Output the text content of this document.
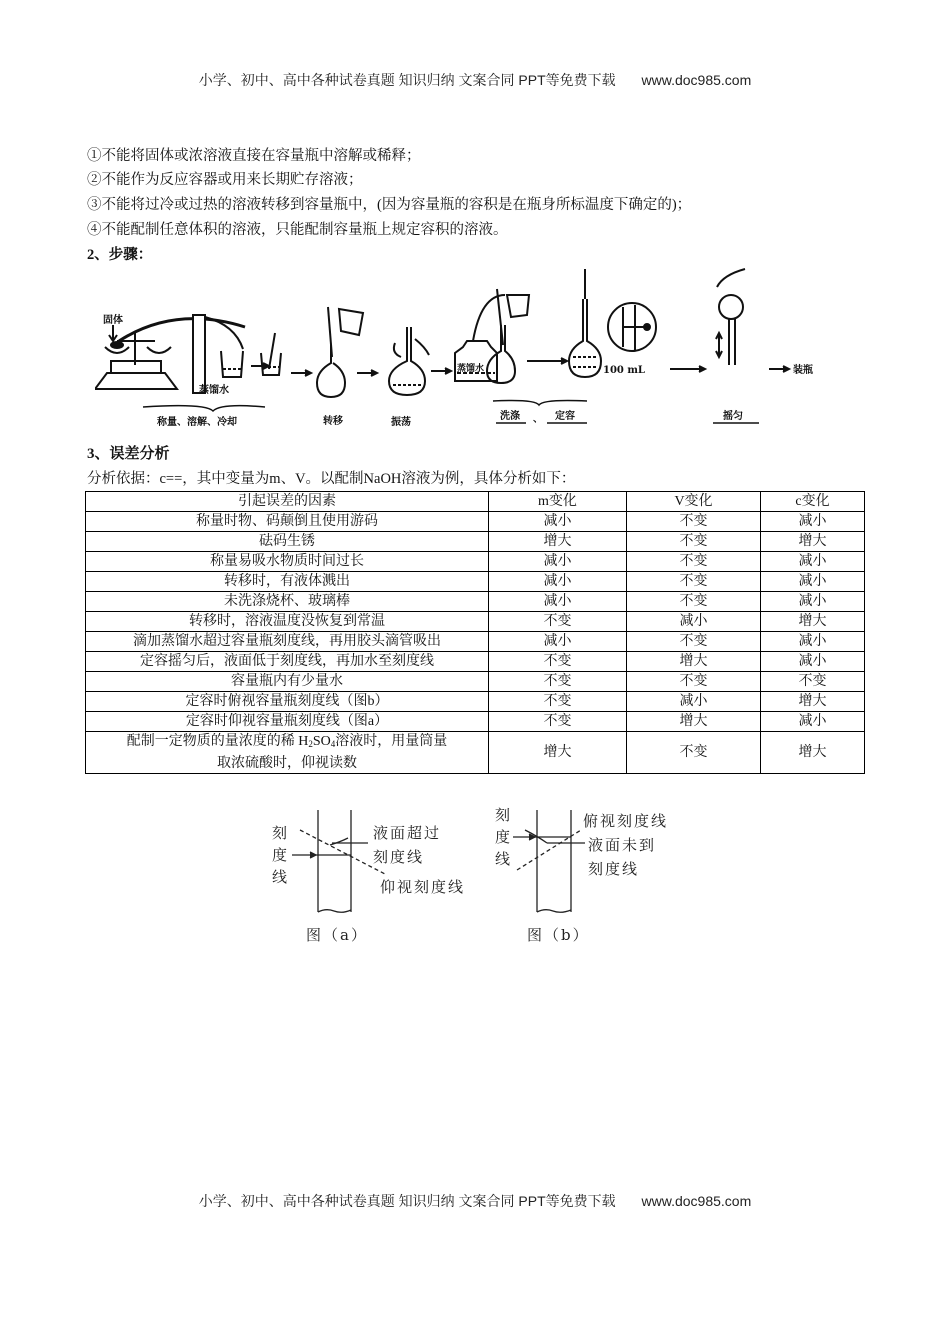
小学、初中、高中各种试卷真题 知识归纳 文案合同 PPT等免费下载 www.doc985.com
①不能将固体或浓溶液直接在容量瓶中溶解或稀释；
②不能作为反应容器或用来长期贮存溶液；
③不能将过冷或过热的溶液转移到容量瓶中，(因为容量瓶的容积是在瓶身所标温度下确定的)；
④不能配制任意体积的溶液，只能配制容量瓶上规定容积的溶液。
2、步骤：
固体
蒸馏水
称量、溶解、冷却	转移	振荡
蒸馏水
洗涤 、 定容
100 mL
摇匀
装瓶
3、误差分析
分析依据：c==，其中变量为m、V。以配制NaOH溶液为例，具体分析如下：
引起误差的因素	m变化	V变化	c变化
称量时物、码颠倒且使用游码	减小	不变	减小
砝码生锈	增大	不变	增大
称量易吸水物质时间过长	减小	不变	减小
转移时，有液体溅出	减小	不变	减小
未洗涤烧杯、玻璃棒	减小	不变	减小
转移时，溶液温度没恢复到常温	不变	减小	增大
滴加蒸馏水超过容量瓶刻度线，再用胶头滴管吸出	减小	不变	减小
定容摇匀后，液面低于刻度线，再加水至刻度线	不变	增大	减小
容量瓶内有少量水	不变	不变	不变
定容时俯视容量瓶刻度线（图b）	不变	减小	增大
定容时仰视容量瓶刻度线（图a）	不变	增大	减小
配制一定物质的量浓度的稀 $H_2SO_4$溶液时，用量筒量
取浓硫酸时，仰视读数	增大	不变	增大
刻
度
线
液面超过
刻度线
仰视刻度线
图（a）
刻
度
线
俯视刻度线
液面未到
刻度线
图（b）
小学、初中、高中各种试卷真题 知识归纳 文案合同 PPT等免费下载 www.doc985.com
